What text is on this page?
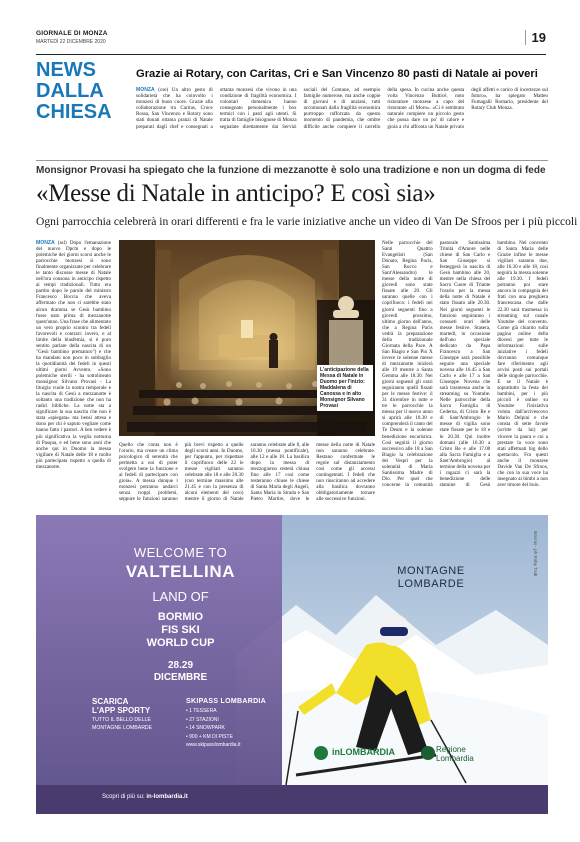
GIORNALE DI MONZA
MARTEDÌ 22 DICEMBRE 2020	19
NEWS
DALLA
CHIESA
Grazie ai Rotary, con Caritas, Cri e San Vincenzo 80 pasti di Natale ai poveri
MONZA (cse) Un altro gesto di solidarietà che ha coinvolto i monzesi di buon cuore. Grazie alla collaborazione tra Caritas, Croce Rossa, San Vincenzo e Rotary sono stati donati ottanta pranzi di Natale preparati dagli chef e consegnati a ottanta monzesi che vivono in una condizione di fragilità economica. I volontari domenica hanno consegnato personalmente i box termici con i pasti agli utenti. Si tratta di famiglie bisognose di Monza segnalate direttamente dai Servizi sociali del Comune, ad esempio famiglie numerose, ma anche coppie di giovani e di anziani, tutti accomunati dalla fragilità economica purtroppo rafforzata da questo momento di pandemia, che ombre difficile anche compiere il carrello della spesa. In cucina anche questa volta Vincenzo Butticè, noto ristoratore monzese a capo del ristorante «Il Moro». «Ci è sembrato naturale compiere un piccolo gesto che possa dare un po' di calore e gioia a chi affronta un Natale privato degli affetti e carico di incertezze sul futuro», ha spiegato Matteo Fumagalli Romario, presidente del Rotary Club Monza.
Monsignor Provasi ha spiegato che la funzione di mezzanotte è solo una tradizione e non un dogma di fede
«Messe di Natale in anticipo? E così sia»
Ogni parrocchia celebrerà in orari differenti e fra le varie iniziative anche un video di Van De Sfroos per i più piccoli
MONZA (ssl) Dopo l'emanazione del nuovo Dpcm e dopo le polemiche dei giorni scorsi anche le parrocchie monzesi si sono finalmente organizzate per celebrare le tanto discusse messe di Natale nell'ora consona in anticipo rispetto ai tempi tradizionali. Tutto era partito dopo le parole del ministro Francesco Boccia che aveva affermato che non ci sarebbe stato alcun dramma se Gesù bambino fosse nato prima di mezzanotte quest'anno. Una frase che alimentato un vero proprio scontro tra fedeli favorevoli e contrari: invero, e al limite della blasfemia, si è puro sentito parlare della nascita di un "Gesù bambino prematuro") e che ha mandato non poco in subbuglio la quotidianità dei fedeli in questi ultimi giorni Avvento. «Sono polemiche sterili - ha sottolineato monsignor Silvano Provasi - La liturgia vuole la nostra temporale e la nascita di Gesù a mezzanotte è soltanto una tradizione che non ha radici bibliche. La notte sta a significare la sua nascita che non è stata «spiegata» ma bensì attesa e dono per chi è saputo vegliare come hanno fatto i pastori. A ben vedere è più significativa la veglia notturna di Pasqua, e ed bene sono anni che anche qui in Duomo la messa vigiliare di Natale delle 18 e molto più partecipata rispetto a quella di mezzanotte.
L'anticipazione della Messa di Natale in Duomo per l'inizio: Maddalena di Canossa e in alto Monsignor Silvano Provasi
Quello che conta non è l'orario, ma creare un clima psicologico di serenità che permetta a noi di poter svolgere bene la funzione e ai fedeli di partecipare con gioia». A messa dunque i monzesi potranno andarci senza troppi problemi, seppure le funzioni saranno più brevi rispetto a quelle degli scorsi anni. In Duomo, per l'appunto, per rispettare il coprifuoco delle 22 le messe vigiliari saranno celebrate alle 18 e alle 20.30 (con termine massimo alle 21.45 e con la presenza di alcuni elementi del coro) mentre il giorno di Natale saranno celebrate alle 8, alle 10.30 (messa pontificale), alle 12 e alle 18. La basilica dopo la messa di mezzogiorno resterà chiusa fino alle 17 così come resteranno chiuse le chiese di Santa Maria degli Angeli, Santa Maria in Strada e San Pietro Martire, dove le messe della notte di Natale non saranno celebrate. Restano confermate le regole sul distanziamento così come gli accessi contingentati. I fedeli che non riusciranno ad accedere alla basilica dovranno obbligatoriamente tornare alle successive funzioni.
Nelle parrocchie del Santi Quattro Evangelisti (San Donato, Regina Pacis, San Rocco e Sant'Alessandro) le messe della notte di giovedì sono state fissate alle 20. Gli saranno quelle con i coprifuoco: i fedeli nei giorni seguenti fino a giovedì prossimo, ultimo giorno dell'anno, che a Regina Pacis vedrà la preparazione della tradizionale Giornata della Pace. A San Biagio e San Pio X invece le solenne messe di mezzanotte inizierà alle 19 mentre a Santa Gemma alle 18.30. Nei giorni seguenti gli orari seguiranno quelli fissati per le messe festive: il 31 dicembre in tutte e tre le parrocchie la messa per il nuovo anno si aprirà alle 18.30 e comprenderà il canto del Te Deum e la solenne benedizione eucaristica. Così seguirà il giorno successivo alle 18 a San Biagio la celebrazione dei Vespri per la solennità di Maria Santissima Madre di Dio. Per quel che concerne la comunità pastorale Santissima Trinità d'Amore nelle chiese di San Carlo e San Giuseppe si festeggerà la nascita di Gesù bambino alle 20, mentre nella chiesa del Sacro Cuore di Triante l'orario per la messa della notte di Natale è stato fissato alle 20.30. Nei giorni seguenti le funzioni seguiranno i consueti orari delle messe festive. Stasera, martedì, in occasione dell'uno speciale dedicato da Papa Francesco a San Giuseppe sarà possibile seguire una speciale novena alle 16.45 a San Carlo e alle 17 a San Giuseppe. Novena che sarà trasmessa anche in streaming su Youtube. Nelle parrocchie della Sacra Famiglia di Cederna, di Cristo Re e di Sant'Ambrogio le messe di vigilia sono state fissate per le 18 e le 20.30. Qui inoltre domani (alle 16.30 a Cristo Re e alle 17.00 alla Sacra Famiglia e a Sant'Ambrogio) al termine della novena per i ragazzi ci sarà la benedizione delle statuine di Gesù bambino. Nel convento di Santa Maria delle Grazie infine le messe vigiliari saranno due, alle 16.30 e alle 18, così seguirà la messa solenne alle 19.30. I fedeli potranno poi stare ancora in compagnia dei frati con una preghiera francescana che dalle 22.30 sarà trasmessa in streaming sul canale Youtube del convento. Come già chiarito sulla pagina online della diocesi per tutte le informazioni sulle iniziative i fedeli dovranno comunque fare riferimento agli avvisi posti sui portali delle singole parrocchie. E se il Natale è soprattutto la festa dei bambini, per i più piccoli è online su Youtube l'iniziativa voluta dall'arcivescovo Mario Delpini e che consta di sette favole (scritte da lui) per vincere la paura e cui a prestare la voce sono stati affettuati big dello spettacolo. Fra questi anche il monzese Davide Van De Sfroos, che con la sua voce ha insegnato ai bimbi a non aver timore del buio.
WELCOME TO
VALTELLINA
LAND OF
BORMIO
FIS SKI
WORLD CUP
28.29
DICEMBRE
MONTAGNE
LOMBARDE
Bormio - ph Roby Trab
SCARICA
L'APP SPORTY
TUTTO IL BELLO DELLE
MONTAGNE LOMBARDE
SKIPASS LOMBARDIA
• 1 TESSERA
• 27 STAZIONI
• 14 SNOWPARK
• 900 + KM DI PISTE
www.skipasslombardia.it
inLOMBARDIA	Regione
Lombardia
Scopri di più su: in-lombardia.it
